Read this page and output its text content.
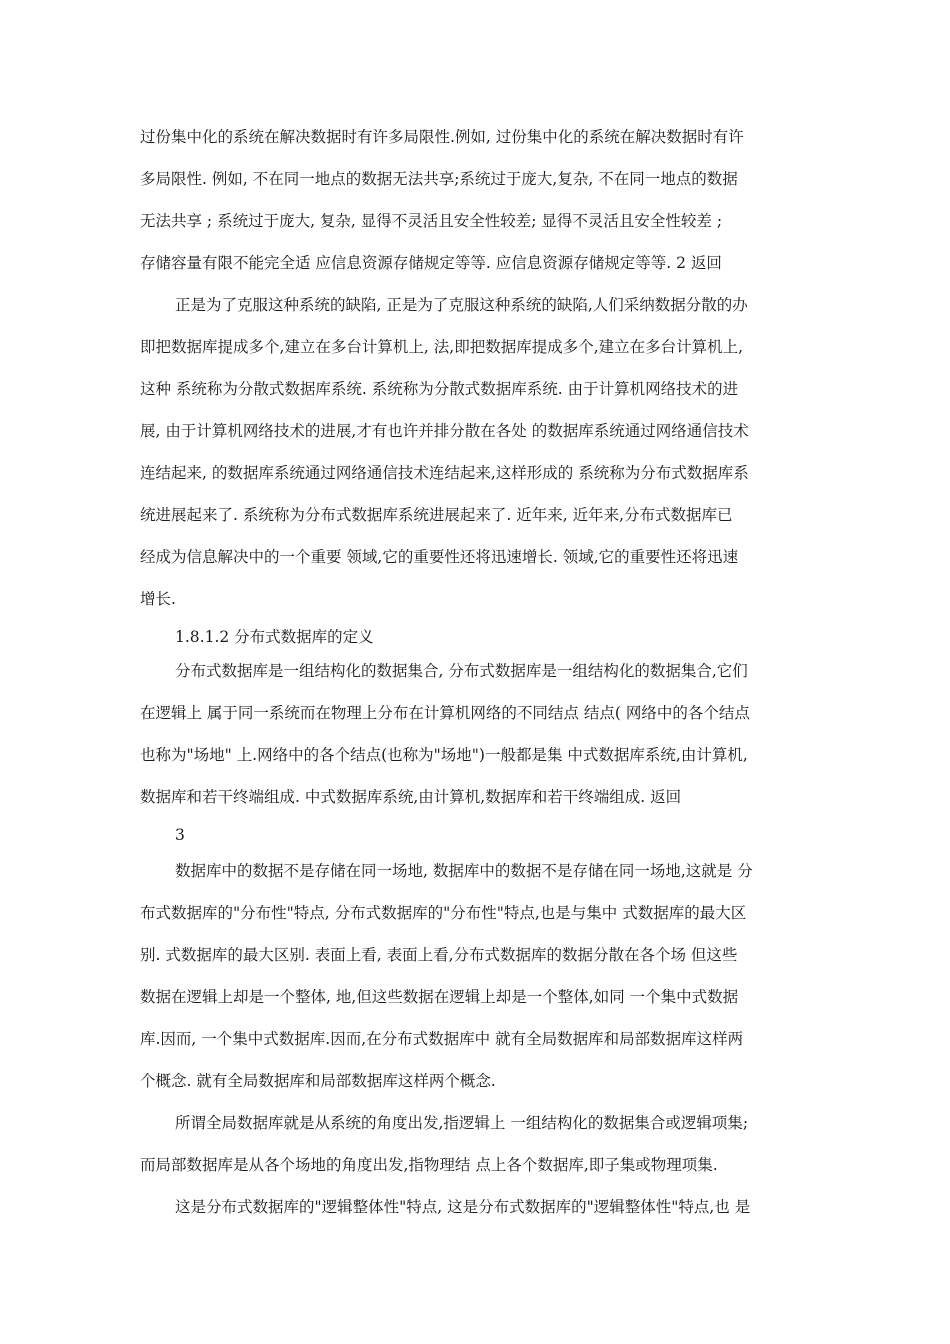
过份集中化的系统在解决数据时有许多局限性.例如, 过份集中化的系统在解决数据时有许
多局限性. 例如, 不在同一地点的数据无法共享;系统过于庞大,复杂, 不在同一地点的数据
无法共享 ; 系统过于庞大, 复杂, 显得不灵活且安全性较差; 显得不灵活且安全性较差 ;
存储容量有限不能完全适 应信息资源存储规定等等. 应信息资源存储规定等等. 2 返回
正是为了克服这种系统的缺陷, 正是为了克服这种系统的缺陷,人们采纳数据分散的办
即把数据库提成多个,建立在多台计算机上, 法,即把数据库提成多个,建立在多台计算机上,
这种 系统称为分散式数据库系统. 系统称为分散式数据库系统. 由于计算机网络技术的进
展, 由于计算机网络技术的进展,才有也许并排分散在各处 的数据库系统通过网络通信技术
连结起来, 的数据库系统通过网络通信技术连结起来,这样形成的 系统称为分布式数据库系
统进展起来了. 系统称为分布式数据库系统进展起来了. 近年来, 近年来,分布式数据库已
经成为信息解决中的一个重要 领域,它的重要性还将迅速增长. 领域,它的重要性还将迅速
增长.
1.8.1.2 分布式数据库的定义
分布式数据库是一组结构化的数据集合, 分布式数据库是一组结构化的数据集合,它们
在逻辑上 属于同一系统而在物理上分布在计算机网络的不同结点 结点( 网络中的各个结点
也称为"场地" 上.网络中的各个结点(也称为"场地")一般都是集 中式数据库系统,由计算机,
数据库和若干终端组成. 中式数据库系统,由计算机,数据库和若干终端组成. 返回
3
数据库中的数据不是存储在同一场地, 数据库中的数据不是存储在同一场地,这就是 分
布式数据库的"分布性"特点, 分布式数据库的"分布性"特点,也是与集中 式数据库的最大区
别. 式数据库的最大区别. 表面上看, 表面上看,分布式数据库的数据分散在各个场 但这些
数据在逻辑上却是一个整体, 地,但这些数据在逻辑上却是一个整体,如同 一个集中式数据
库.因而, 一个集中式数据库.因而,在分布式数据库中 就有全局数据库和局部数据库这样两
个概念. 就有全局数据库和局部数据库这样两个概念.
所谓全局数据库就是从系统的角度出发,指逻辑上 一组结构化的数据集合或逻辑项集;
而局部数据库是从各个场地的角度出发,指物理结 点上各个数据库,即子集或物理项集.
这是分布式数据库的"逻辑整体性"特点, 这是分布式数据库的"逻辑整体性"特点,也 是
